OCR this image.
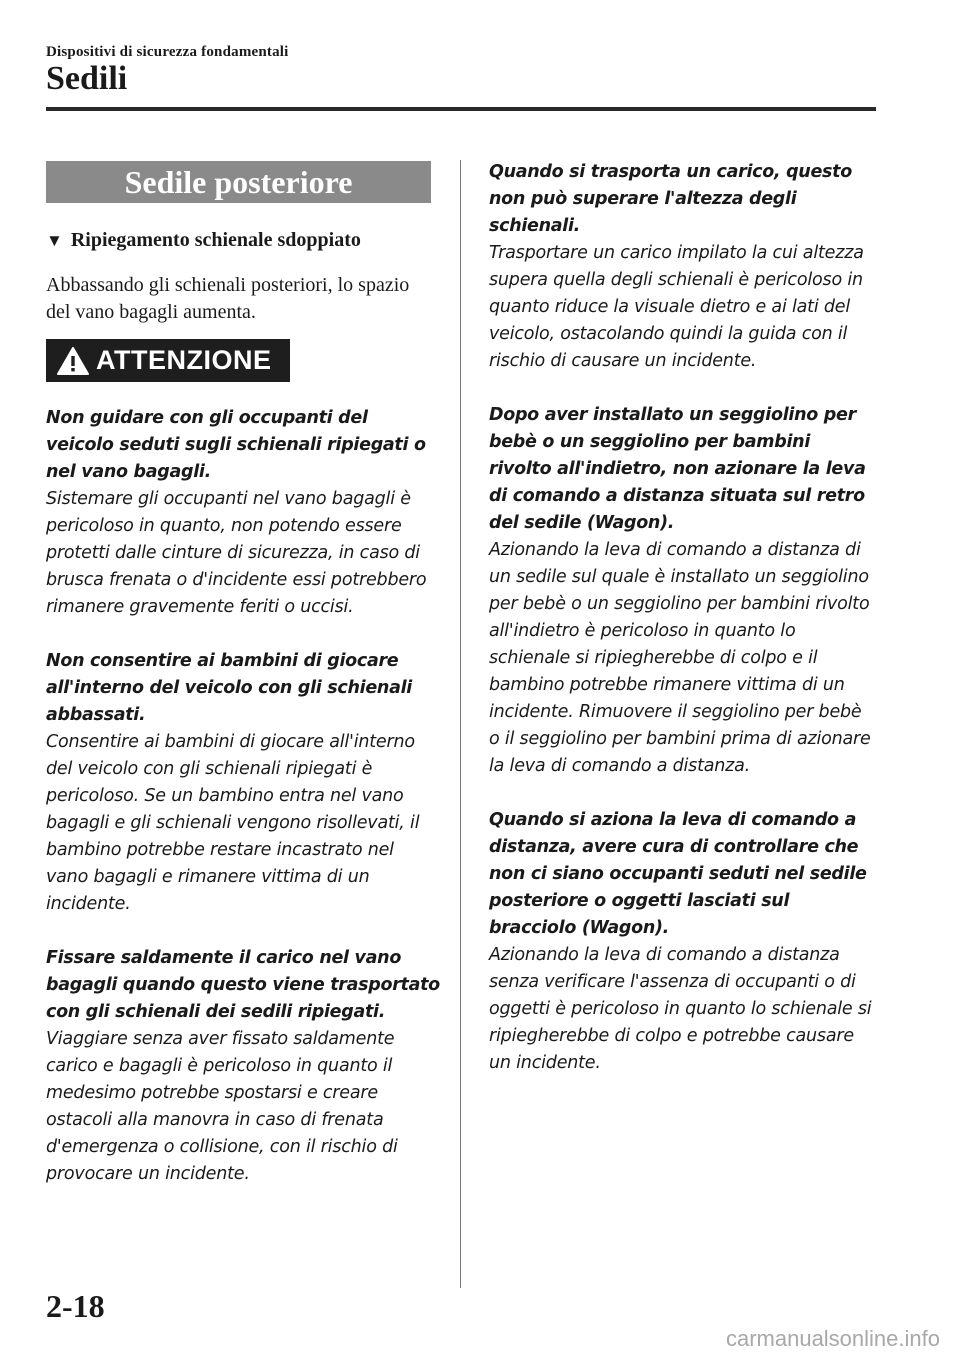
Dispositivi di sicurezza fondamentali
Sedili
Sedile posteriore
▼ Ripiegamento schienale sdoppiato

Abbassando gli schienali posteriori, lo spazio del vano bagagli aumenta.

ATTENZIONE
Non guidare con gli occupanti del veicolo seduti sugli schienali ripiegati o nel vano bagagli.
Sistemare gli occupanti nel vano bagagli è pericoloso in quanto, non potendo essere protetti dalle cinture di sicurezza, in caso di brusca frenata o d'incidente essi potrebbero rimanere gravemente feriti o uccisi.
Non consentire ai bambini di giocare all'interno del veicolo con gli schienali abbassati.
Consentire ai bambini di giocare all'interno del veicolo con gli schienali ripiegati è pericoloso. Se un bambino entra nel vano bagagli e gli schienali vengono risollevati, il bambino potrebbe restare incastrato nel vano bagagli e rimanere vittima di un incidente.
Fissare saldamente il carico nel vano bagagli quando questo viene trasportato con gli schienali dei sedili ripiegati.
Viaggiare senza aver fissato saldamente carico e bagagli è pericoloso in quanto il medesimo potrebbe spostarsi e creare ostacoli alla manovra in caso di frenata d'emergenza o collisione, con il rischio di provocare un incidente.
Quando si trasporta un carico, questo non può superare l'altezza degli schienali.
Trasportare un carico impilato la cui altezza supera quella degli schienali è pericoloso in quanto riduce la visuale dietro e ai lati del veicolo, ostacolando quindi la guida con il rischio di causare un incidente.
Dopo aver installato un seggiolino per bebè o un seggiolino per bambini rivolto all'indietro, non azionare la leva di comando a distanza situata sul retro del sedile (Wagon).
Azionando la leva di comando a distanza di un sedile sul quale è installato un seggiolino per bebè o un seggiolino per bambini rivolto all'indietro è pericoloso in quanto lo schienale si ripiegherebbe di colpo e il bambino potrebbe rimanere vittima di un incidente. Rimuovere il seggiolino per bebè o il seggiolino per bambini prima di azionare la leva di comando a distanza.
Quando si aziona la leva di comando a distanza, avere cura di controllare che non ci siano occupanti seduti nel sedile posteriore o oggetti lasciati sul bracciolo (Wagon).
Azionando la leva di comando a distanza senza verificare l'assenza di occupanti o di oggetti è pericoloso in quanto lo schienale si ripiegherebbe di colpo e potrebbe causare un incidente.
2-18
carmanualsonline.info
